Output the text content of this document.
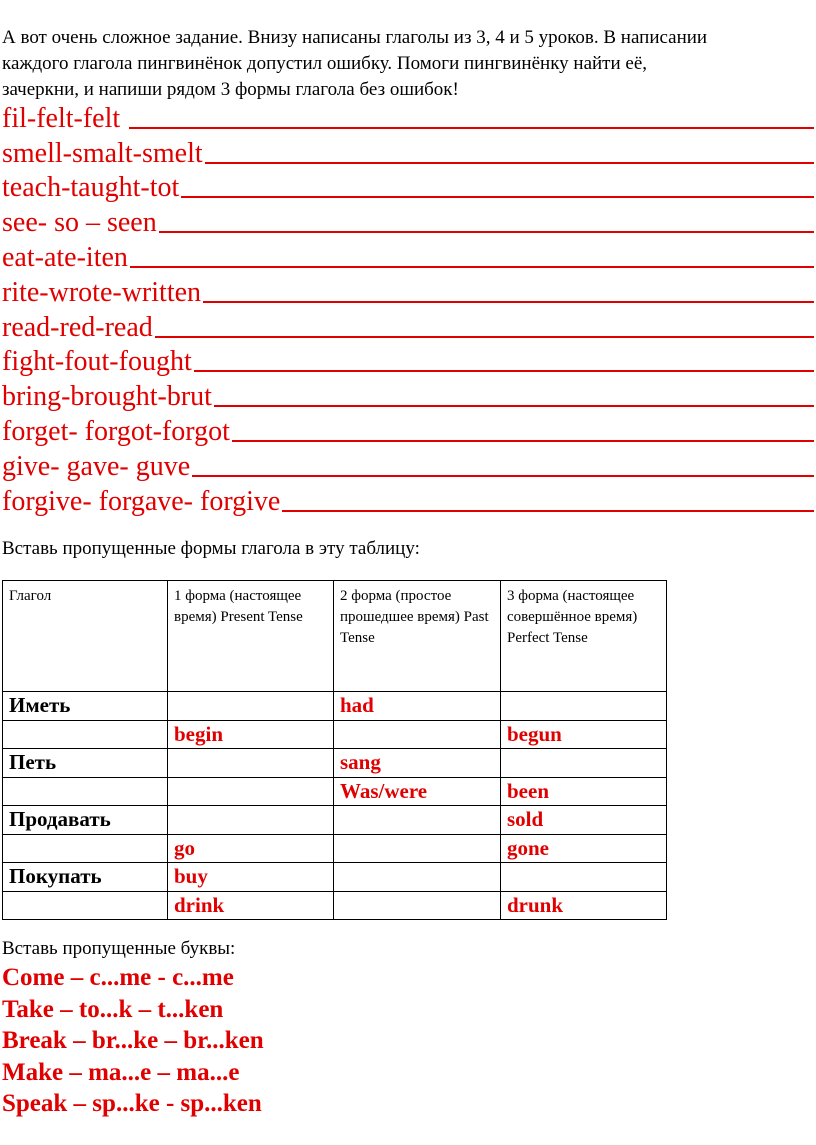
А вот очень сложное задание. Внизу написаны глаголы из 3, 4 и 5 уроков. В написании

каждого глагола пингвинёнок допустил ошибку. Помоги пингвинёнку найти её,

зачеркни, и напиши рядом 3 формы глагола без ошибок!

fil-felt-felt
smell-smalt-smelt
teach-taught-tot
see- so – seen
eat-ate-iten
rite-wrote-written
read-red-read
fight-fout-fought
bring-brought-brut
forget- forgot-forgot
give- gave- guve
forgive- forgave- forgive
Вставь пропущенные формы глагола в эту таблицу:
Глагол	1 форма (настоящее время) Present Tense	2 форма (простое прошедшее время) Past Tense	3 форма (настоящее совершённое время) Perfect Tense
Иметь		had	
	begin		begun
Петь		sang	
		Was/were	been
Продавать			sold
	go		gone
Покупать	buy		
	drink		drunk
Вставь пропущенные буквы:
Come – c...me - c...me
Take – to...k – t...ken
Break – br...ke – br...ken
Make – ma...e – ma...e
Speak – sp...ke - sp...ken
